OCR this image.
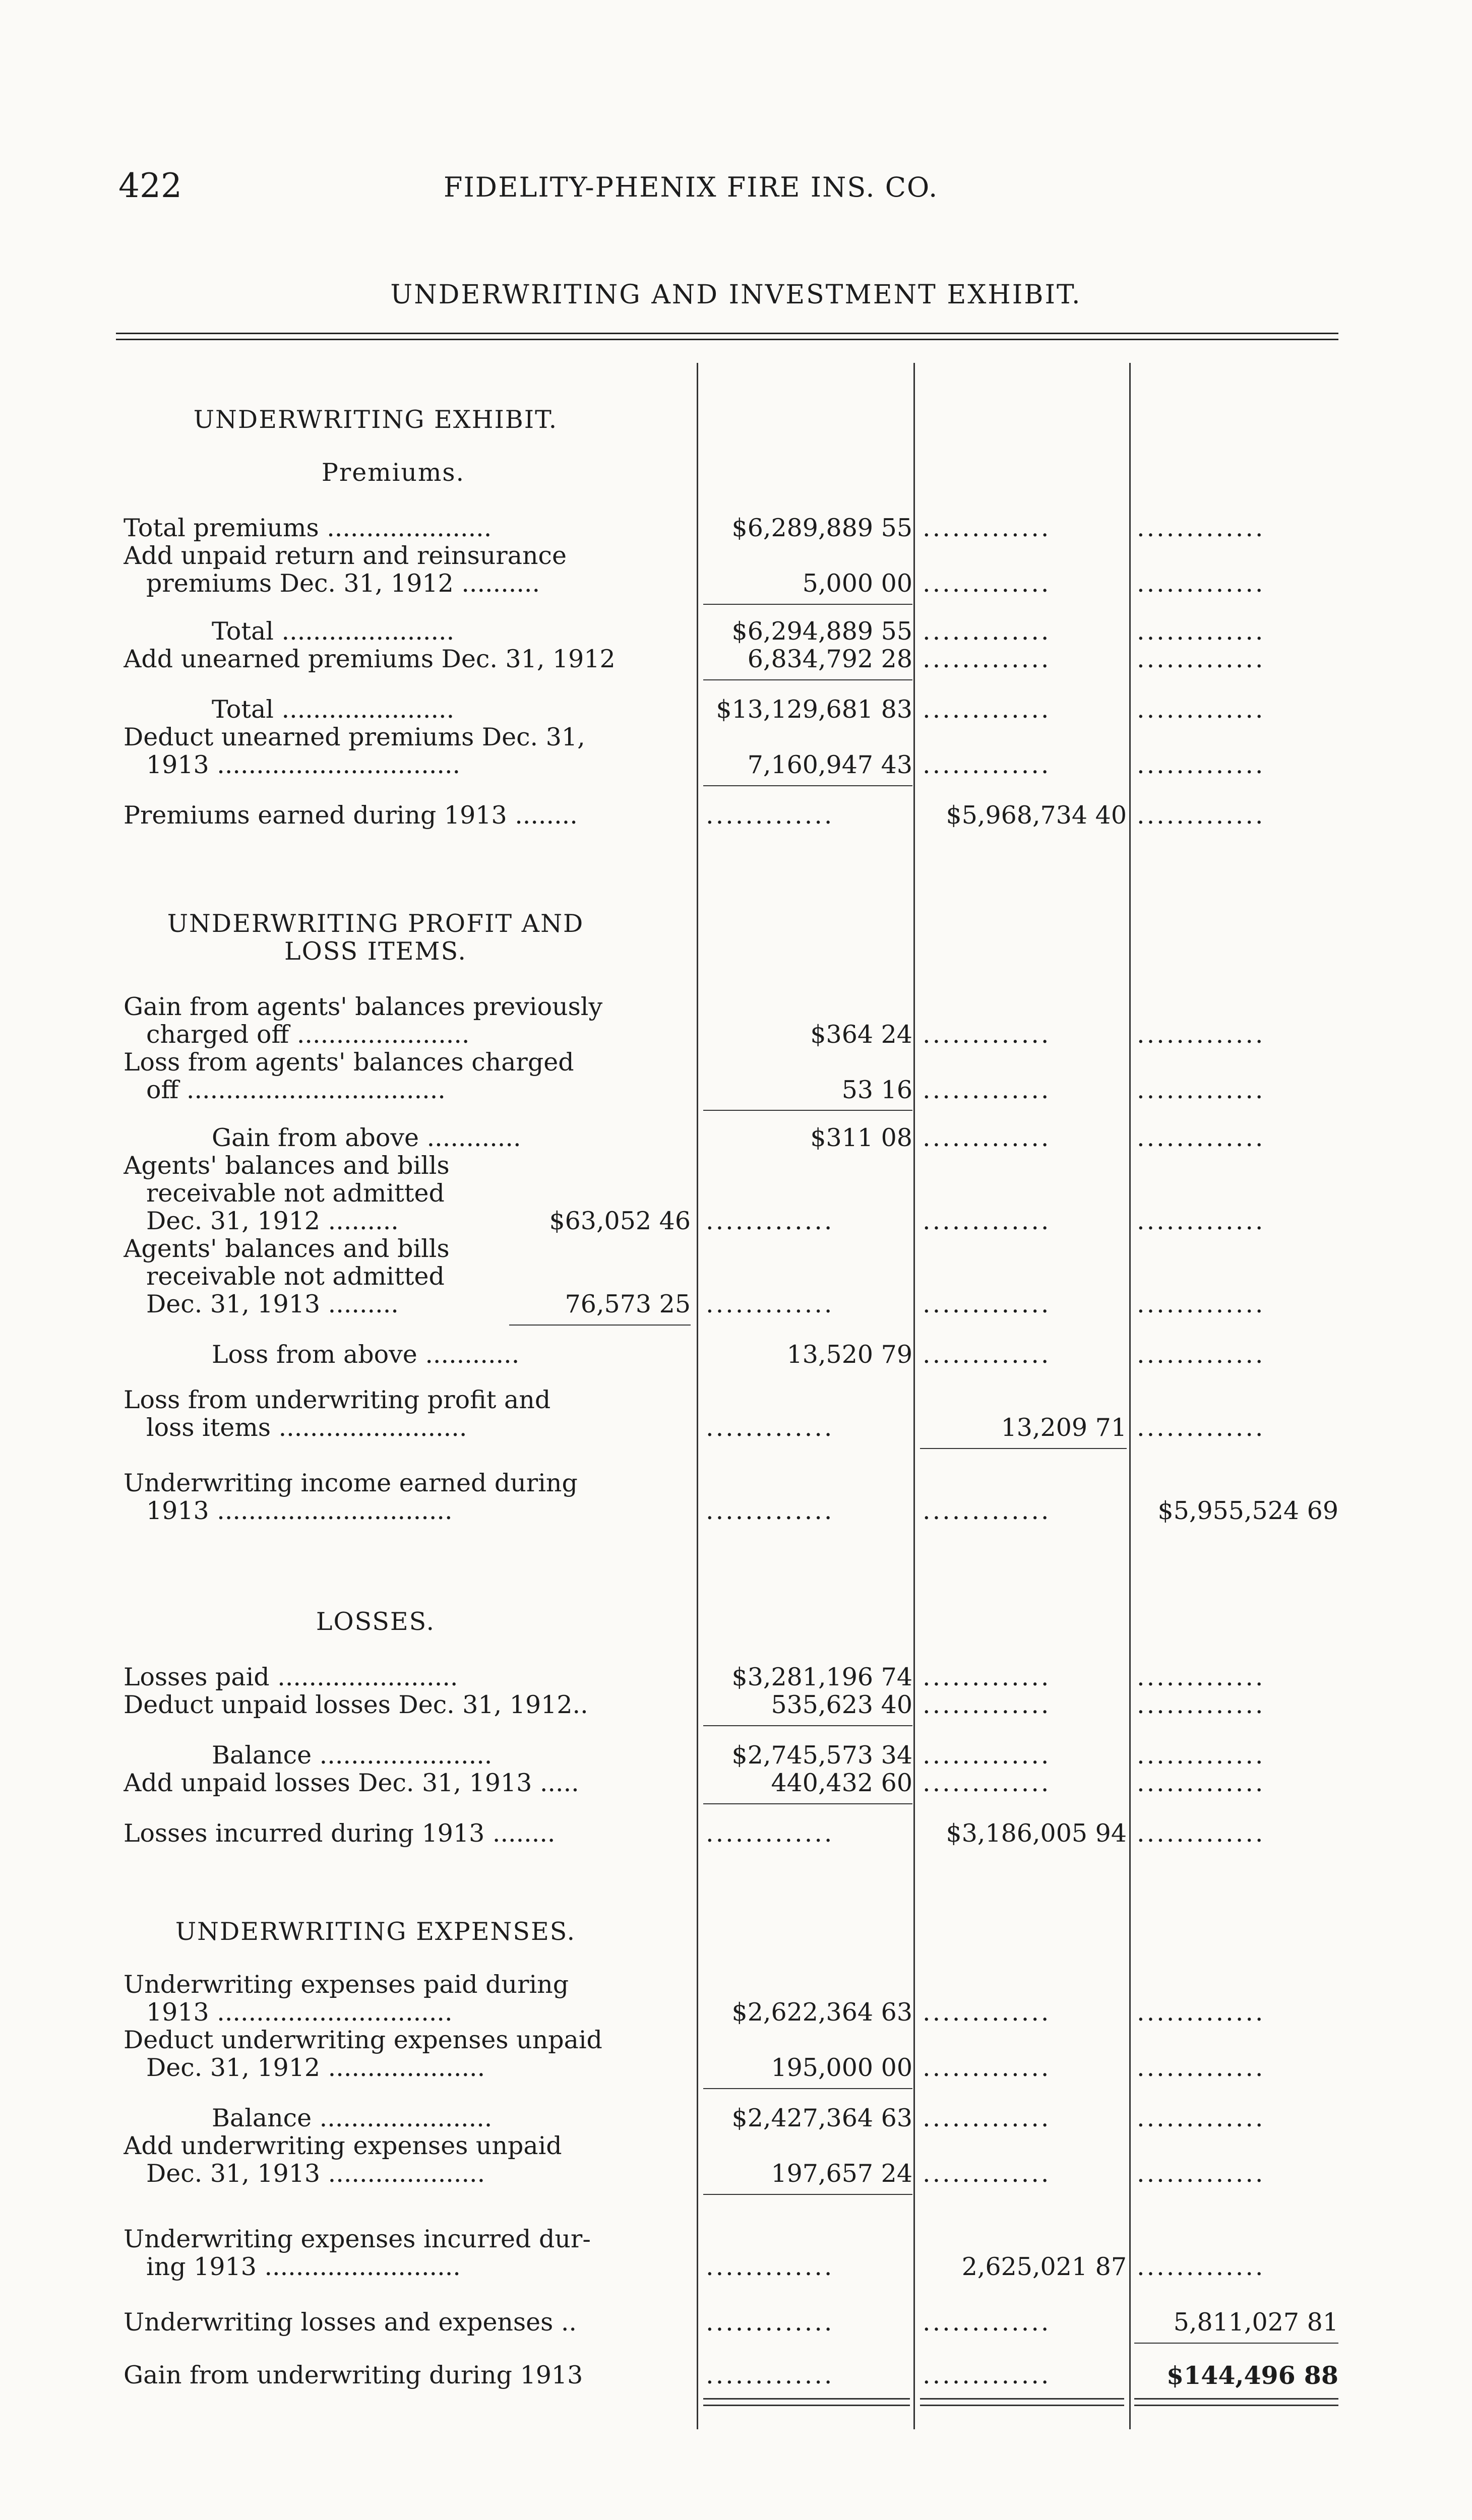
422	FIDELITY-PHENIX FIRE INS. CO.
UNDERWRITING AND INVESTMENT EXHIBIT.
UNDERWRITING EXHIBIT.
Premiums.
Total premiums .....................	$6,289,889 55 .............	.............
Add unpaid return and reinsurance
premiums Dec. 31, 1912 ..........	5,000 00 .............	.............
Total ......................	$6,294,889 55 .............	.............
Add unearned premiums Dec. 31, 1912	6,834,792 28 .............	.............
Total ......................	$13,129,681 83 .............	.............
Deduct unearned premiums Dec. 31,
1913 ...............................	7,160,947 43 .............	.............
Premiums earned during 1913 ........	.............	$5,968,734 40 .............
UNDERWRITING PROFIT AND
LOSS ITEMS.
Gain from agents' balances previously
charged off ......................	$364 24 .............	.............
Loss from agents' balances charged
off .................................	53 16 .............	.............
Gain from above ............	$311 08 .............	.............
Agents' balances and bills
receivable not admitted
Dec. 31, 1912 .........	$63,052 46 .............	.............	.............
Agents' balances and bills
receivable not admitted
Dec. 31, 1913 .........	76,573 25 .............	.............	.............
Loss from above ............	13,520 79 .............	.............
Loss from underwriting profit and
loss items ........................	.............	13,209 71 .............
Underwriting income earned during
1913 ..............................	.............	.............	$5,955,524 69
LOSSES.
Losses paid .......................	$3,281,196 74 .............	.............
Deduct unpaid losses Dec. 31, 1912..	535,623 40 .............	.............
Balance ......................	$2,745,573 34 .............	.............
Add unpaid losses Dec. 31, 1913 .....	440,432 60 .............	.............
Losses incurred during 1913 ........	.............	$3,186,005 94 .............
UNDERWRITING EXPENSES.
Underwriting expenses paid during
1913 ..............................	$2,622,364 63 .............	.............
Deduct underwriting expenses unpaid
Dec. 31, 1912 ....................	195,000 00 .............	.............
Balance ......................	$2,427,364 63 .............	.............
Add underwriting expenses unpaid
Dec. 31, 1913 ....................	197,657 24 .............	.............
Underwriting expenses incurred dur-
ing 1913 .........................	.............	2,625,021 87 .............
Underwriting losses and expenses ..	.............	.............	5,811,027 81
Gain from underwriting during 1913	.............	.............	$144,496 88
